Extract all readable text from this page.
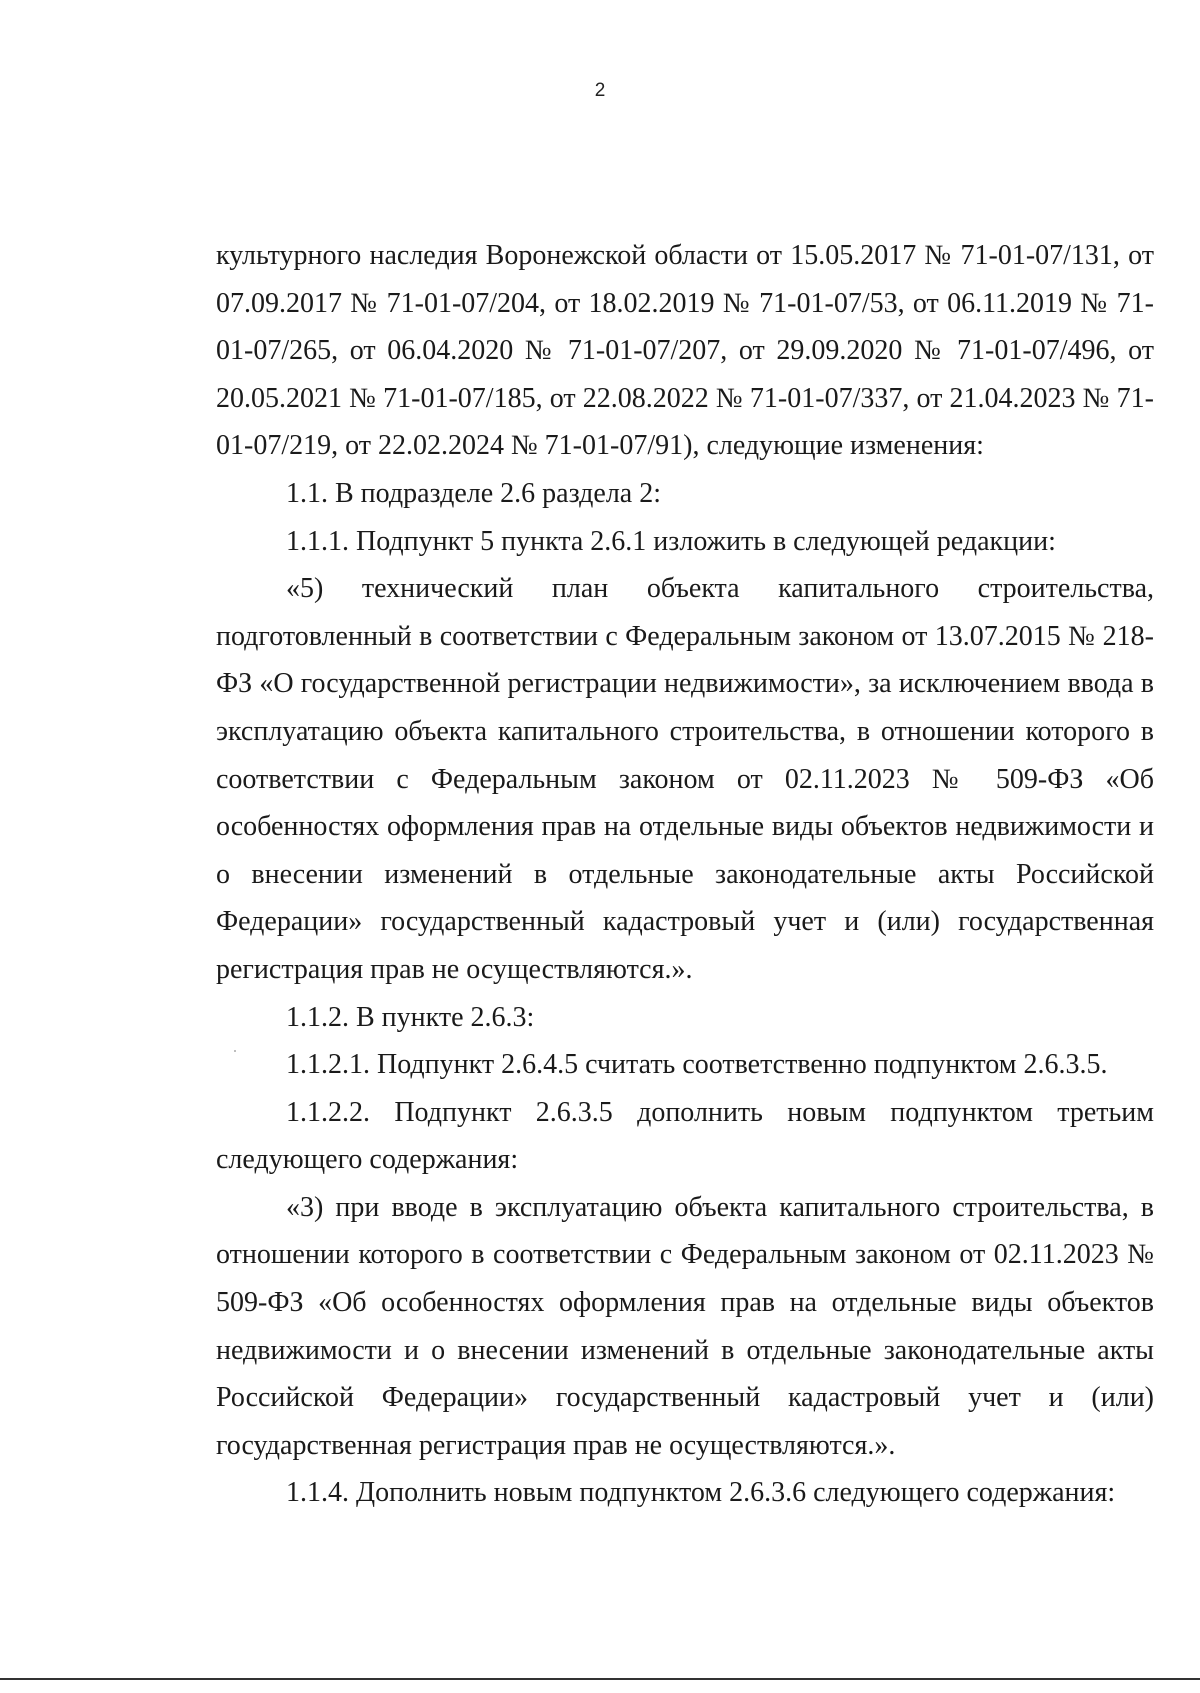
2

культурного наследия Воронежской области от 15.05.2017 № 71-01-07/131, от 07.09.2017 № 71-01-07/204, от 18.02.2019 № 71-01-07/53, от 06.11.2019 № 71-01-07/265, от 06.04.2020 № 71-01-07/207, от 29.09.2020 № 71-01-07/496, от 20.05.2021 № 71-01-07/185, от 22.08.2022 № 71-01-07/337, от 21.04.2023 № 71-01-07/219, от 22.02.2024 № 71-01-07/91), следующие изменения:

1.1. В подразделе 2.6 раздела 2:

1.1.1. Подпункт 5 пункта 2.6.1 изложить в следующей редакции:

«5) технический план объекта капитального строительства, подготовленный в соответствии с Федеральным законом от 13.07.2015 № 218-ФЗ «О государственной регистрации недвижимости», за исключением ввода в эксплуатацию объекта капитального строительства, в отношении которого в соответствии с Федеральным законом от 02.11.2023 № 509-ФЗ «Об особенностях оформления прав на отдельные виды объектов недвижимости и о внесении изменений в отдельные законодательные акты Российской Федерации» государственный кадастровый учет и (или) государственная регистрация прав не осуществляются.».

1.1.2. В пункте 2.6.3:

1.1.2.1. Подпункт 2.6.4.5 считать соответственно подпунктом 2.6.3.5.

1.1.2.2. Подпункт 2.6.3.5 дополнить новым подпунктом третьим следующего содержания:

«3) при вводе в эксплуатацию объекта капитального строительства, в отношении которого в соответствии с Федеральным законом от 02.11.2023 № 509-ФЗ «Об особенностях оформления прав на отдельные виды объектов недвижимости и о внесении изменений в отдельные законодательные акты Российской Федерации» государственный кадастровый учет и (или) государственная регистрация прав не осуществляются.».

1.1.4. Дополнить новым подпунктом 2.6.3.6 следующего содержания:
